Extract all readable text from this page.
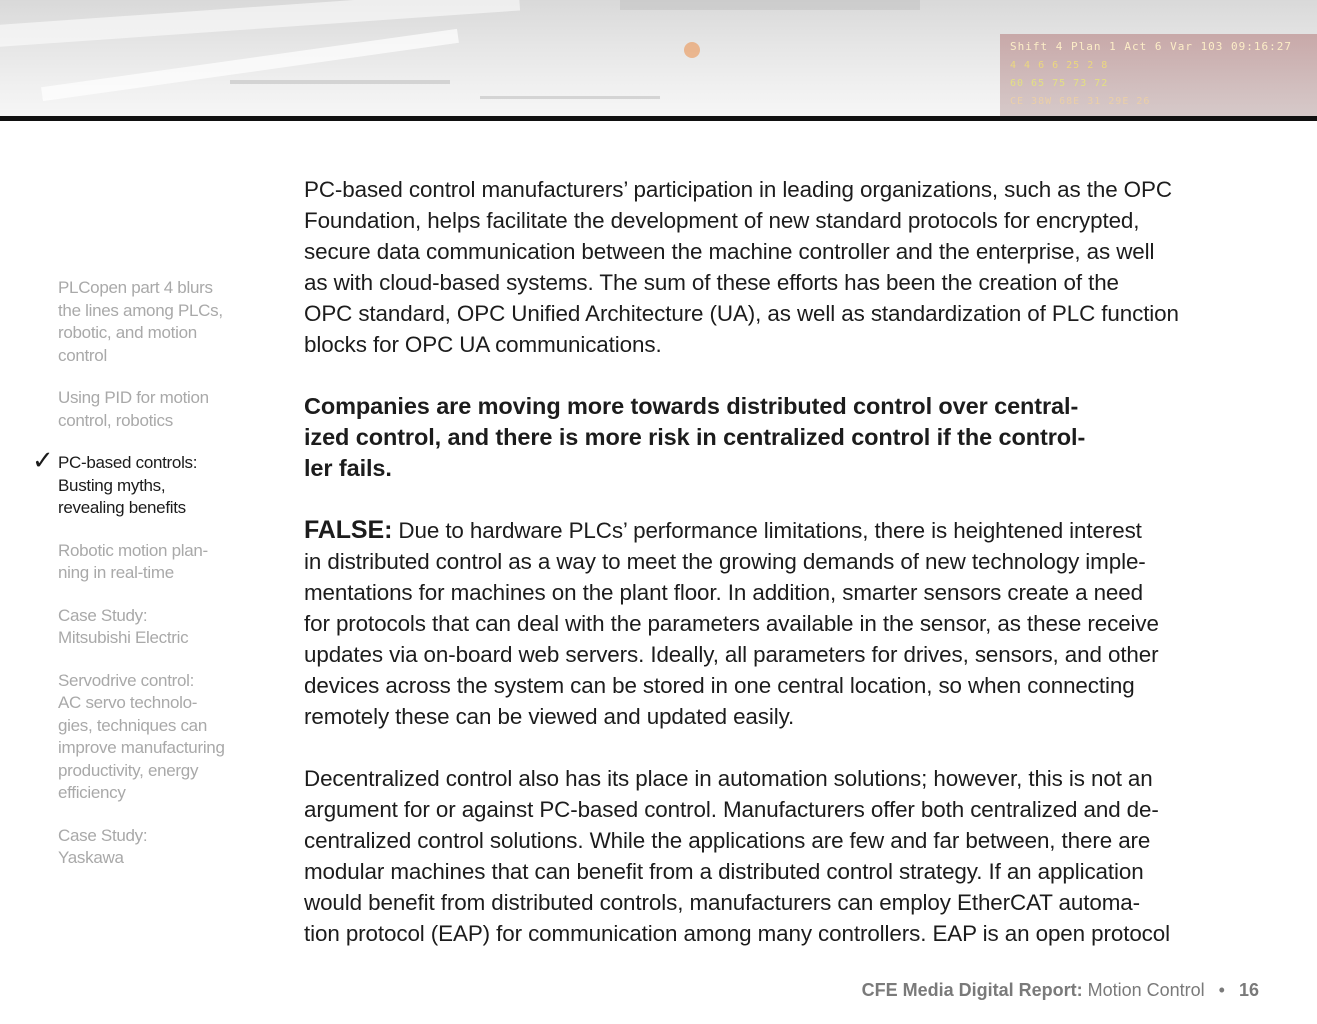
Shift 4 Plan 1 Act 6 Var 103 09:16:27
4 4 6 6 25 2 8
60 65 75 73 72
CE 38W 68E 31 29E 26
PLCopen part 4 blurs
the lines among PLCs,
robotic, and motion
control
Using PID for motion
control, robotics
✓ PC-based controls:
Busting myths,
revealing benefits
Robotic motion plan-
ning in real-time
Case Study:
Mitsubishi Electric
Servodrive control:
AC servo technolo-
gies, techniques can
improve manufacturing
productivity, energy
efficiency
Case Study:
Yaskawa

PC-based control manufacturers’ participation in leading organizations, such as the OPC
Foundation, helps facilitate the development of new standard protocols for encrypted,
secure data communication between the machine controller and the enterprise, as well
as with cloud-based systems. The sum of these efforts has been the creation of the
OPC standard, OPC Unified Architecture (UA), as well as standardization of PLC function
blocks for OPC UA communications.

Companies are moving more towards distributed control over central-
ized control, and there is more risk in centralized control if the control-
ler fails.

FALSE: Due to hardware PLCs’ performance limitations, there is heightened interest
in distributed control as a way to meet the growing demands of new technology imple-
mentations for machines on the plant floor. In addition, smarter sensors create a need
for protocols that can deal with the parameters available in the sensor, as these receive
updates via on-board web servers. Ideally, all parameters for drives, sensors, and other
devices across the system can be stored in one central location, so when connecting
remotely these can be viewed and updated easily.

Decentralized control also has its place in automation solutions; however, this is not an
argument for or against PC-based control. Manufacturers offer both centralized and de-
centralized control solutions. While the applications are few and far between, there are
modular machines that can benefit from a distributed control strategy. If an application
would benefit from distributed controls, manufacturers can employ EtherCAT automa-
tion protocol (EAP) for communication among many controllers. EAP is an open protocol

CFE Media Digital Report: Motion Control • 16
